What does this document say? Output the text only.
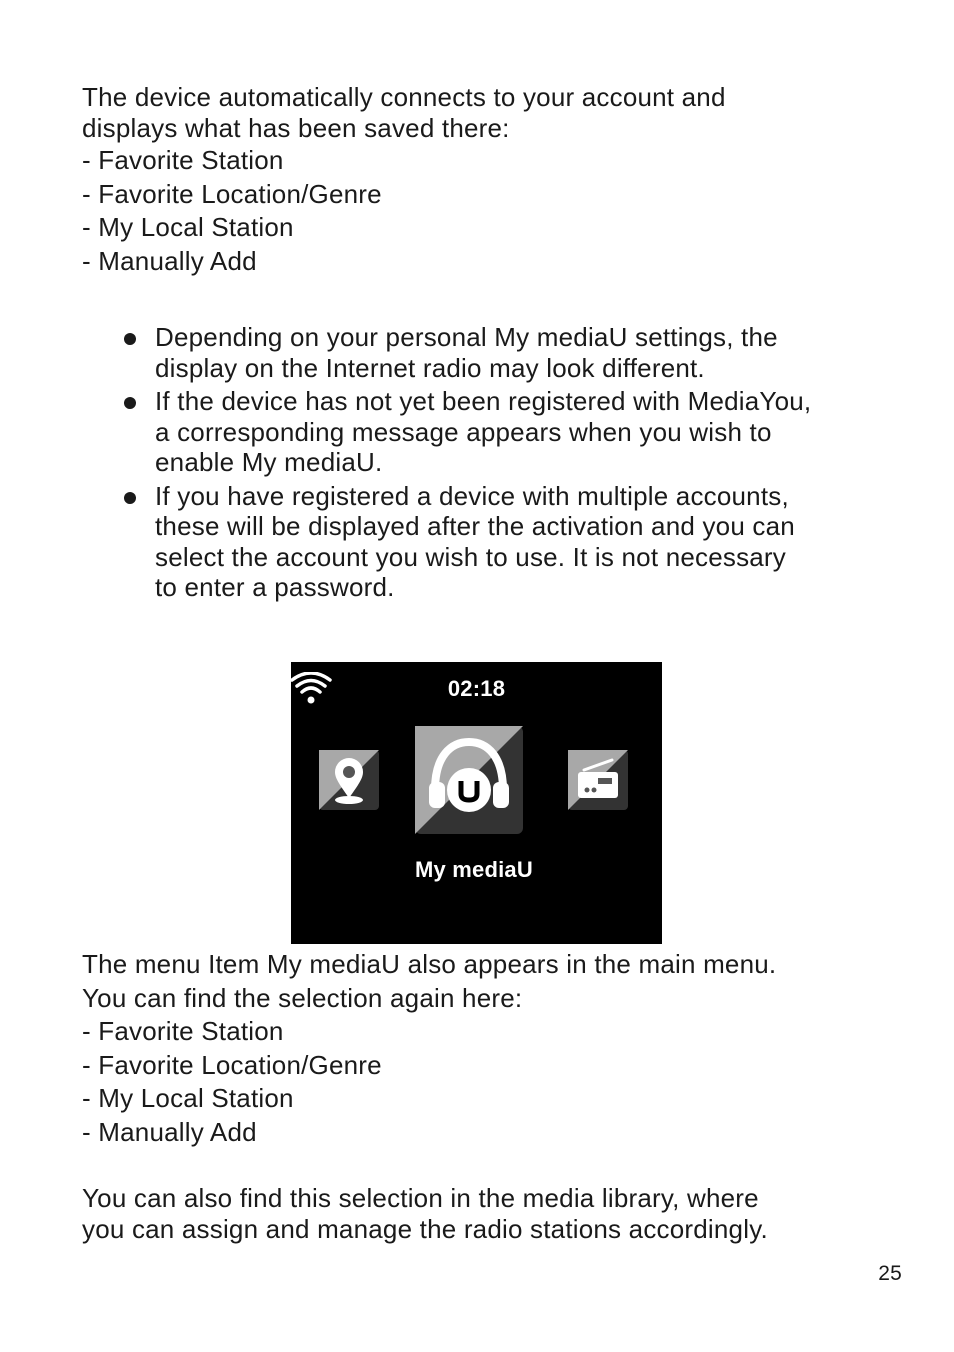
The device automatically connects to your account and
displays what has been saved there:
- Favorite Station
- Favorite Location/Genre
- My Local Station
- Manually Add
Depending on your personal My mediaU settings, the
display on the Internet radio may look different.
If the device has not yet been registered with MediaYou,
a corresponding message appears when you wish to
enable My mediaU.
If you have registered a device with multiple accounts,
these will be displayed after the activation and you can
select the account you wish to use. It is not necessary
to enter a password.
02:18
My mediaU
The menu Item My mediaU also appears in the main menu.
You can find the selection again here:
- Favorite Station
- Favorite Location/Genre
- My Local Station
- Manually Add
You can also find this selection in the media library, where
you can assign and manage the radio stations accordingly.
25
